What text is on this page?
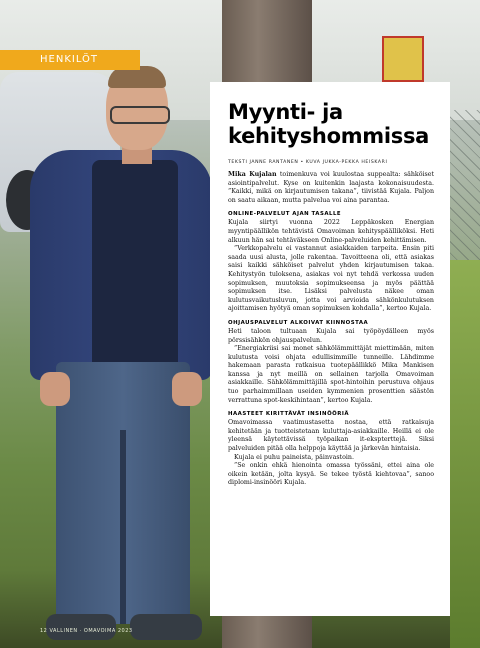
HENKILÖT
Myynti- ja
kehityshommissa
TEKSTI JANNE RANTANEN • KUVA JUKKA-PEKKA HEISKARI

Mika Kujalan toimenkuva voi kuulostaa suppealta: sähköiset asiointipalvelut. Kyse on kuitenkin laajasta kokonaisuudesta. ”Kaikki, mikä on kirjautumisen takana”, tiivistää Kujala. Paljon on saatu aikaan, mutta palvelua voi aina parantaa.

ONLINE-PALVELUT AJAN TASALLE

Kujala siirtyi vuonna 2022 Leppäkosken Energian myyntipäällikön tehtävistä Omavoiman kehityspäälliköksi. Heti alkuun hän sai tehtäväkseen Online-palveluiden kehittämisen.

”Verkkopalvelu ei vastannut asiakkaiden tarpeita. Ensin piti saada uusi alusta, jolle rakentaa. Tavoitteena oli, että asiakas saisi kaikki sähköiset palvelut yhden kirjautumisen takaa. Kehitystyön tuloksena, asiakas voi nyt tehdä verkossa uuden sopimuksen, muutoksia sopimukseensa ja myös päättää sopimuksen itse. Lisäksi palvelusta näkee oman kulutusvaikutusluvun, jotta voi arvioida sähkönkulutuksen ajoittamisen hyötyä oman sopimuksen kohdalla”, kertoo Kujala.

OHJAUSPALVELUT ALKOIVAT KIINNOSTAA

Heti taloon tultuaan Kujala sai työpöydälleen myös pörssisähkön ohjauspalvelun.

”Energiakriisi sai monet sähkölämmittäjät miettimään, miten kulutusta voisi ohjata edullisimmille tunneille. Lähdimme hakemaan parasta ratkaisua tuotepäällikkö Mika Mankisen kanssa ja nyt meillä on sellainen tarjolla Omavoiman asiakkaille. Sähkölämmittäjillä spot-hintoihin perustuva ohjaus tuo parhaimmillaan useiden kymmenien prosenttien säästön verrattuna spot-keskihintaan”, kertoo Kujala.

HAASTEET KIRITTÄVÄT INSINÖÖRIÄ

Omavoimassa vaatimustasetta nostaa, että ratkaisuja kehitetään ja tuotteistetaan kuluttaja-asiakkaille. Heillä ei ole yleensä käytettävissä työpaikan it-ekspterttejä. Siksi palveluiden pitää olla helppoja käyttää ja järkevän hintaisia.

Kujala ei puhu paineista, päinvastoin.

”Se onkin ehkä hienointa omassa työssäni, ettei aina ole oikein ketään, jolta kysyä. Se tekee työstä kiehtovaa”, sanoo diplomi-insinööri Kujala.

12 VALLINEN · OMAVOIMA 2023
